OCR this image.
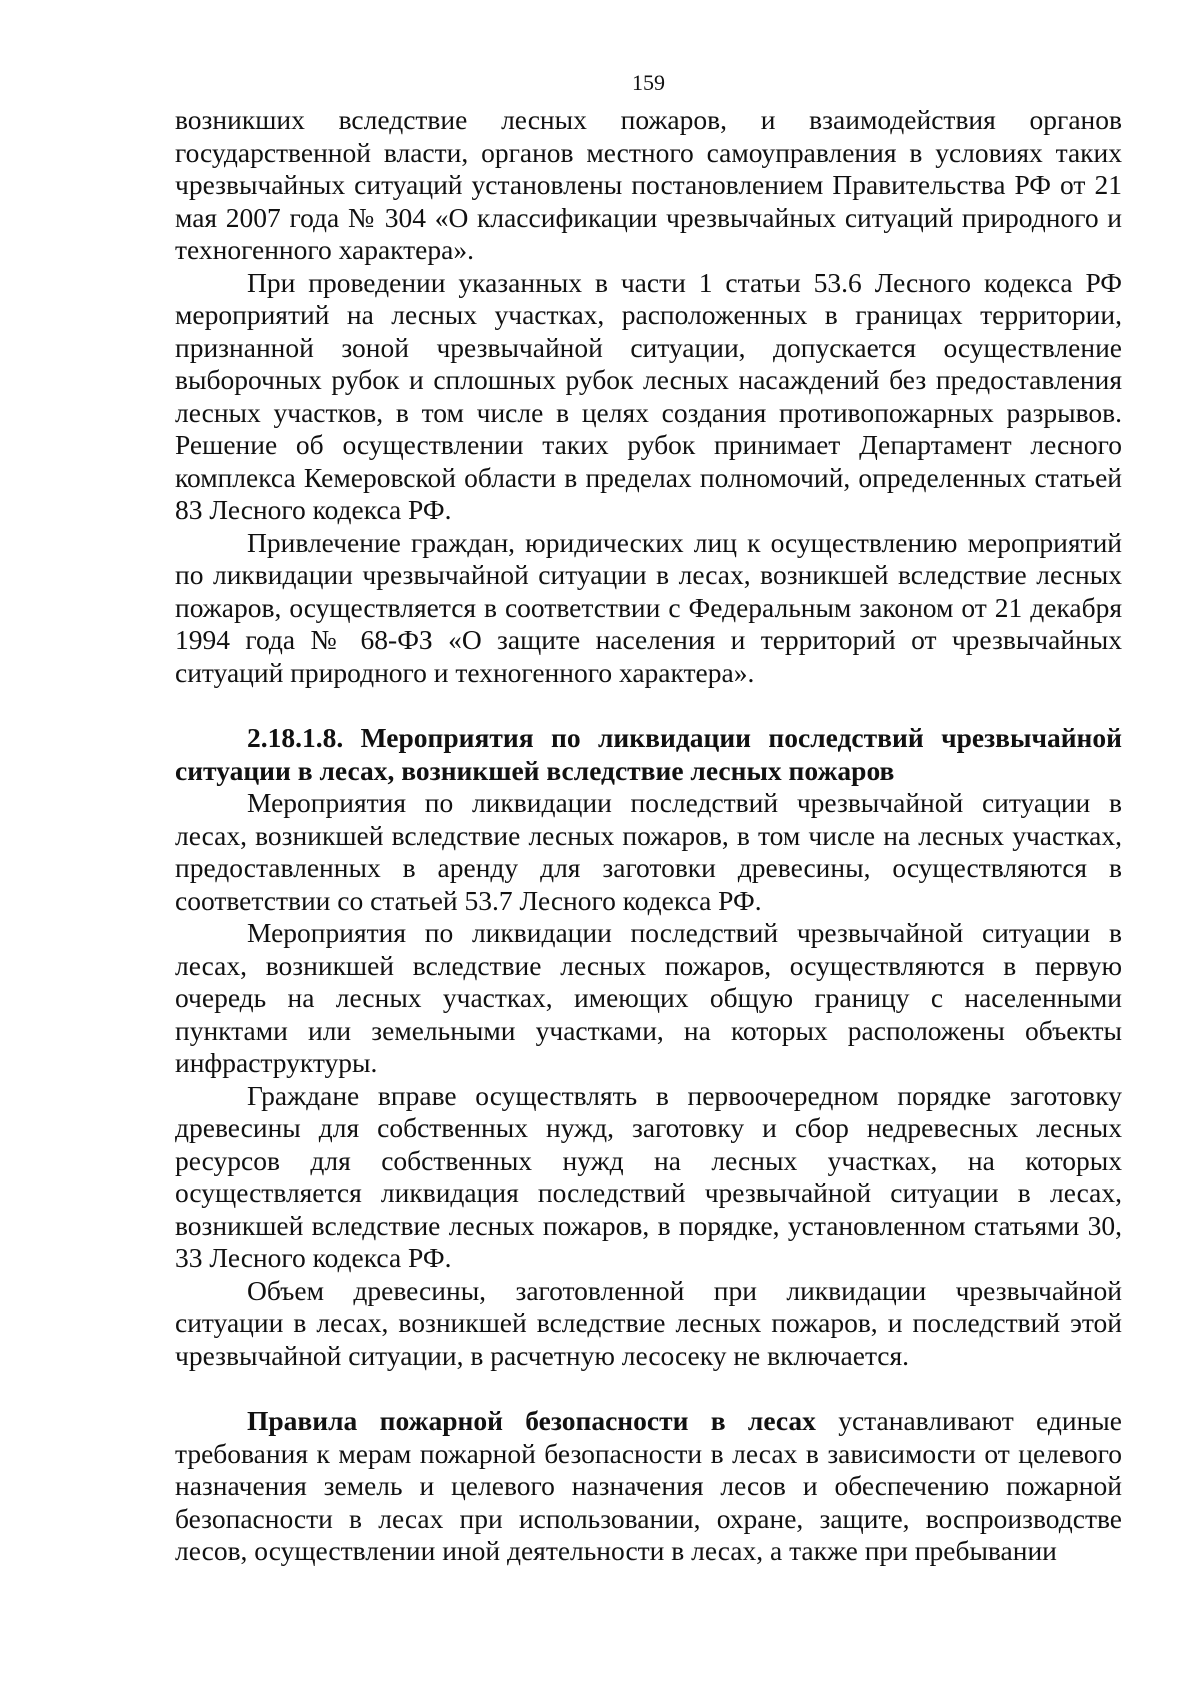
159

возникших вследствие лесных пожаров, и взаимодействия органов государственной власти, органов местного самоуправления в условиях таких чрезвычайных ситуаций установлены постановлением Правительства РФ от 21 мая 2007 года № 304 «О классификации чрезвычайных ситуаций природного и техногенного характера».

При проведении указанных в части 1 статьи 53.6 Лесного кодекса РФ мероприятий на лесных участках, расположенных в границах территории, признанной зоной чрезвычайной ситуации, допускается осуществление выборочных рубок и сплошных рубок лесных насаждений без предоставления лесных участков, в том числе в целях создания противопожарных разрывов. Решение об осуществлении таких рубок принимает Департамент лесного комплекса Кемеровской области в пределах полномочий, определенных статьей 83 Лесного кодекса РФ.

Привлечение граждан, юридических лиц к осуществлению мероприятий по ликвидации чрезвычайной ситуации в лесах, возникшей вследствие лесных пожаров, осуществляется в соответствии с Федеральным законом от 21 декабря 1994 года № 68-ФЗ «О защите населения и территорий от чрезвычайных ситуаций природного и техногенного характера».

2.18.1.8. Мероприятия по ликвидации последствий чрезвычайной ситуации в лесах, возникшей вследствие лесных пожаров

Мероприятия по ликвидации последствий чрезвычайной ситуации в лесах, возникшей вследствие лесных пожаров, в том числе на лесных участках, предоставленных в аренду для заготовки древесины, осуществляются в соответствии со статьей 53.7 Лесного кодекса РФ.

Мероприятия по ликвидации последствий чрезвычайной ситуации в лесах, возникшей вследствие лесных пожаров, осуществляются в первую очередь на лесных участках, имеющих общую границу с населенными пунктами или земельными участками, на которых расположены объекты инфраструктуры.

Граждане вправе осуществлять в первоочередном порядке заготовку древесины для собственных нужд, заготовку и сбор недревесных лесных ресурсов для собственных нужд на лесных участках, на которых осуществляется ликвидация последствий чрезвычайной ситуации в лесах, возникшей вследствие лесных пожаров, в порядке, установленном статьями 30, 33 Лесного кодекса РФ.

Объем древесины, заготовленной при ликвидации чрезвычайной ситуации в лесах, возникшей вследствие лесных пожаров, и последствий этой чрезвычайной ситуации, в расчетную лесосеку не включается.

Правила пожарной безопасности в лесах устанавливают единые требования к мерам пожарной безопасности в лесах в зависимости от целевого назначения земель и целевого назначения лесов и обеспечению пожарной безопасности в лесах при использовании, охране, защите, воспроизводстве лесов, осуществлении иной деятельности в лесах, а также при пребывании
